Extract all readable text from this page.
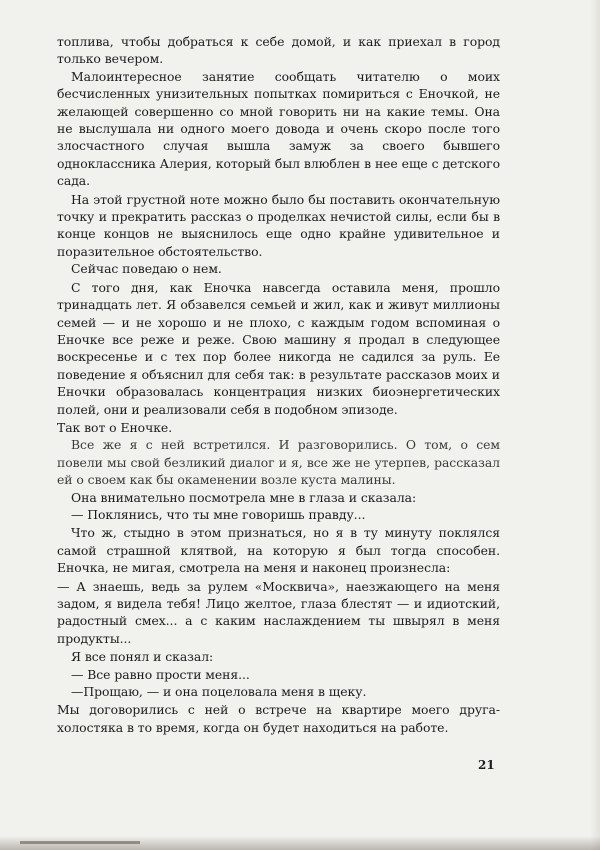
топлива, чтобы добраться к себе домой, и как приехал в город только вечером.

Малоинтересное занятие сообщать читателю о моих бесчисленных унизительных попытках помириться с Еночкой, не желающей совершенно со мной говорить ни на какие темы. Она не выслушала ни одного моего довода и очень скоро после того злосчастного случая вышла замуж за своего бывшего одноклассника Алерия, который был влюблен в нее еще с детского сада.

На этой грустной ноте можно было бы поставить окончательную точку и прекратить рассказ о проделках нечистой силы, если бы в конце концов не выяснилось еще одно крайне удивительное и поразительное обстоятельство.

Сейчас поведаю о нем.

С того дня, как Еночка навсегда оставила меня, прошло тринадцать лет. Я обзавелся семьей и жил, как и живут миллионы семей — и не хорошо и не плохо, с каждым годом вспоминая о Еночке все реже и реже. Свою машину я продал в следующее воскресенье и с тех пор более никогда не садился за руль. Ее поведение я объяснил для себя так: в результате рассказов моих и Еночки образовалась концентрация низких биоэнергетических полей, они и реализовали себя в подобном эпизоде.

Так вот о Еночке.

Все же я с ней встретился. И разговорились. О том, о сем повели мы свой безликий диалог и я, все же не утерпев, рассказал ей о своем как бы окаменении возле куста малины.

Она внимательно посмотрела мне в глаза и сказала:

— Поклянись, что ты мне говоришь правду...

Что ж, стыдно в этом признаться, но я в ту минуту поклялся самой страшной клятвой, на которую я был тогда способен. Еночка, не мигая, смотрела на меня и наконец произнесла:

— А знаешь, ведь за рулем «Москвича», наезжающего на меня задом, я видела тебя! Лицо желтое, глаза блестят — и идиотский, радостный смех... а с каким наслаждением ты швырял в меня продукты...

Я все понял и сказал:

— Все равно прости меня...

—Прощаю, — и она поцеловала меня в щеку.

Мы договорились с ней о встрече на квартире моего друга-холостяка в то время, когда он будет находиться на работе.

21
